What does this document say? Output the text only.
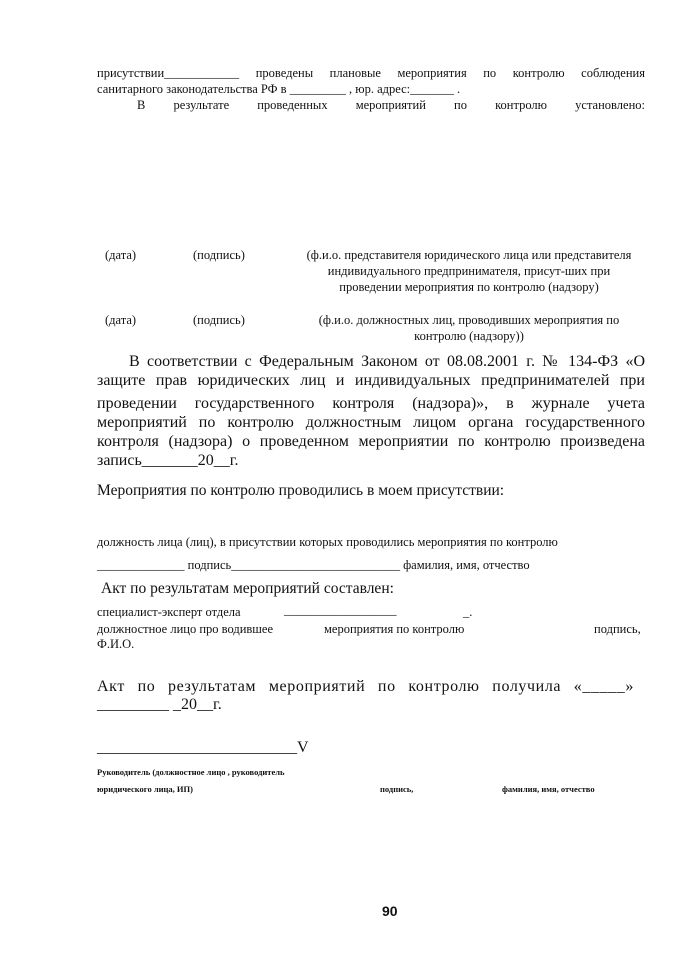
присутствии____________ проведены плановые мероприятия по контролю соблюдения
санитарного законодательства РФ в _________ , юр. адрес:_______ .
В результате проведенных мероприятий по контролю установлено:
(дата)	(подпись)	(ф.и.о. представителя юридического лица или представителя
индивидуального предпринимателя, присут-ших при
проведении мероприятия по контролю (надзору)
(дата)	(подпись)	(ф.и.о. должностных лиц, проводивших мероприятия по
контролю (надзору))
В соответствии с Федеральным Законом от 08.08.2001 г. № 134-ФЗ «О
защите прав юридических лиц и индивидуальных предпринимателей при
проведении государственного контроля (надзора)», в журнале учета
мероприятий по контролю должностным лицом органа государственного
контроля (надзора) о проведенном мероприятии по контролю произведена
запись_______20__г.
Мероприятия по контролю проводились в моем присутствии:
должность лица (лиц), в присутствии которых проводились мероприятия по контролю
______________ подпись___________________________ фамилия, имя, отчество
Акт по результатам мероприятий составлен:
специалист-эксперт отдела	__________________	_.
должностное лицо про водившее	мероприятия по контролю	подпись,
Ф.И.О.
Акт по результатам мероприятий по контролю получила «_____»
_________ _20__г.
_________________________V
Руководитель (должностное лицо , руководитель
юридического лица, ИП)	подпись,	фамилия, имя, отчество
90
